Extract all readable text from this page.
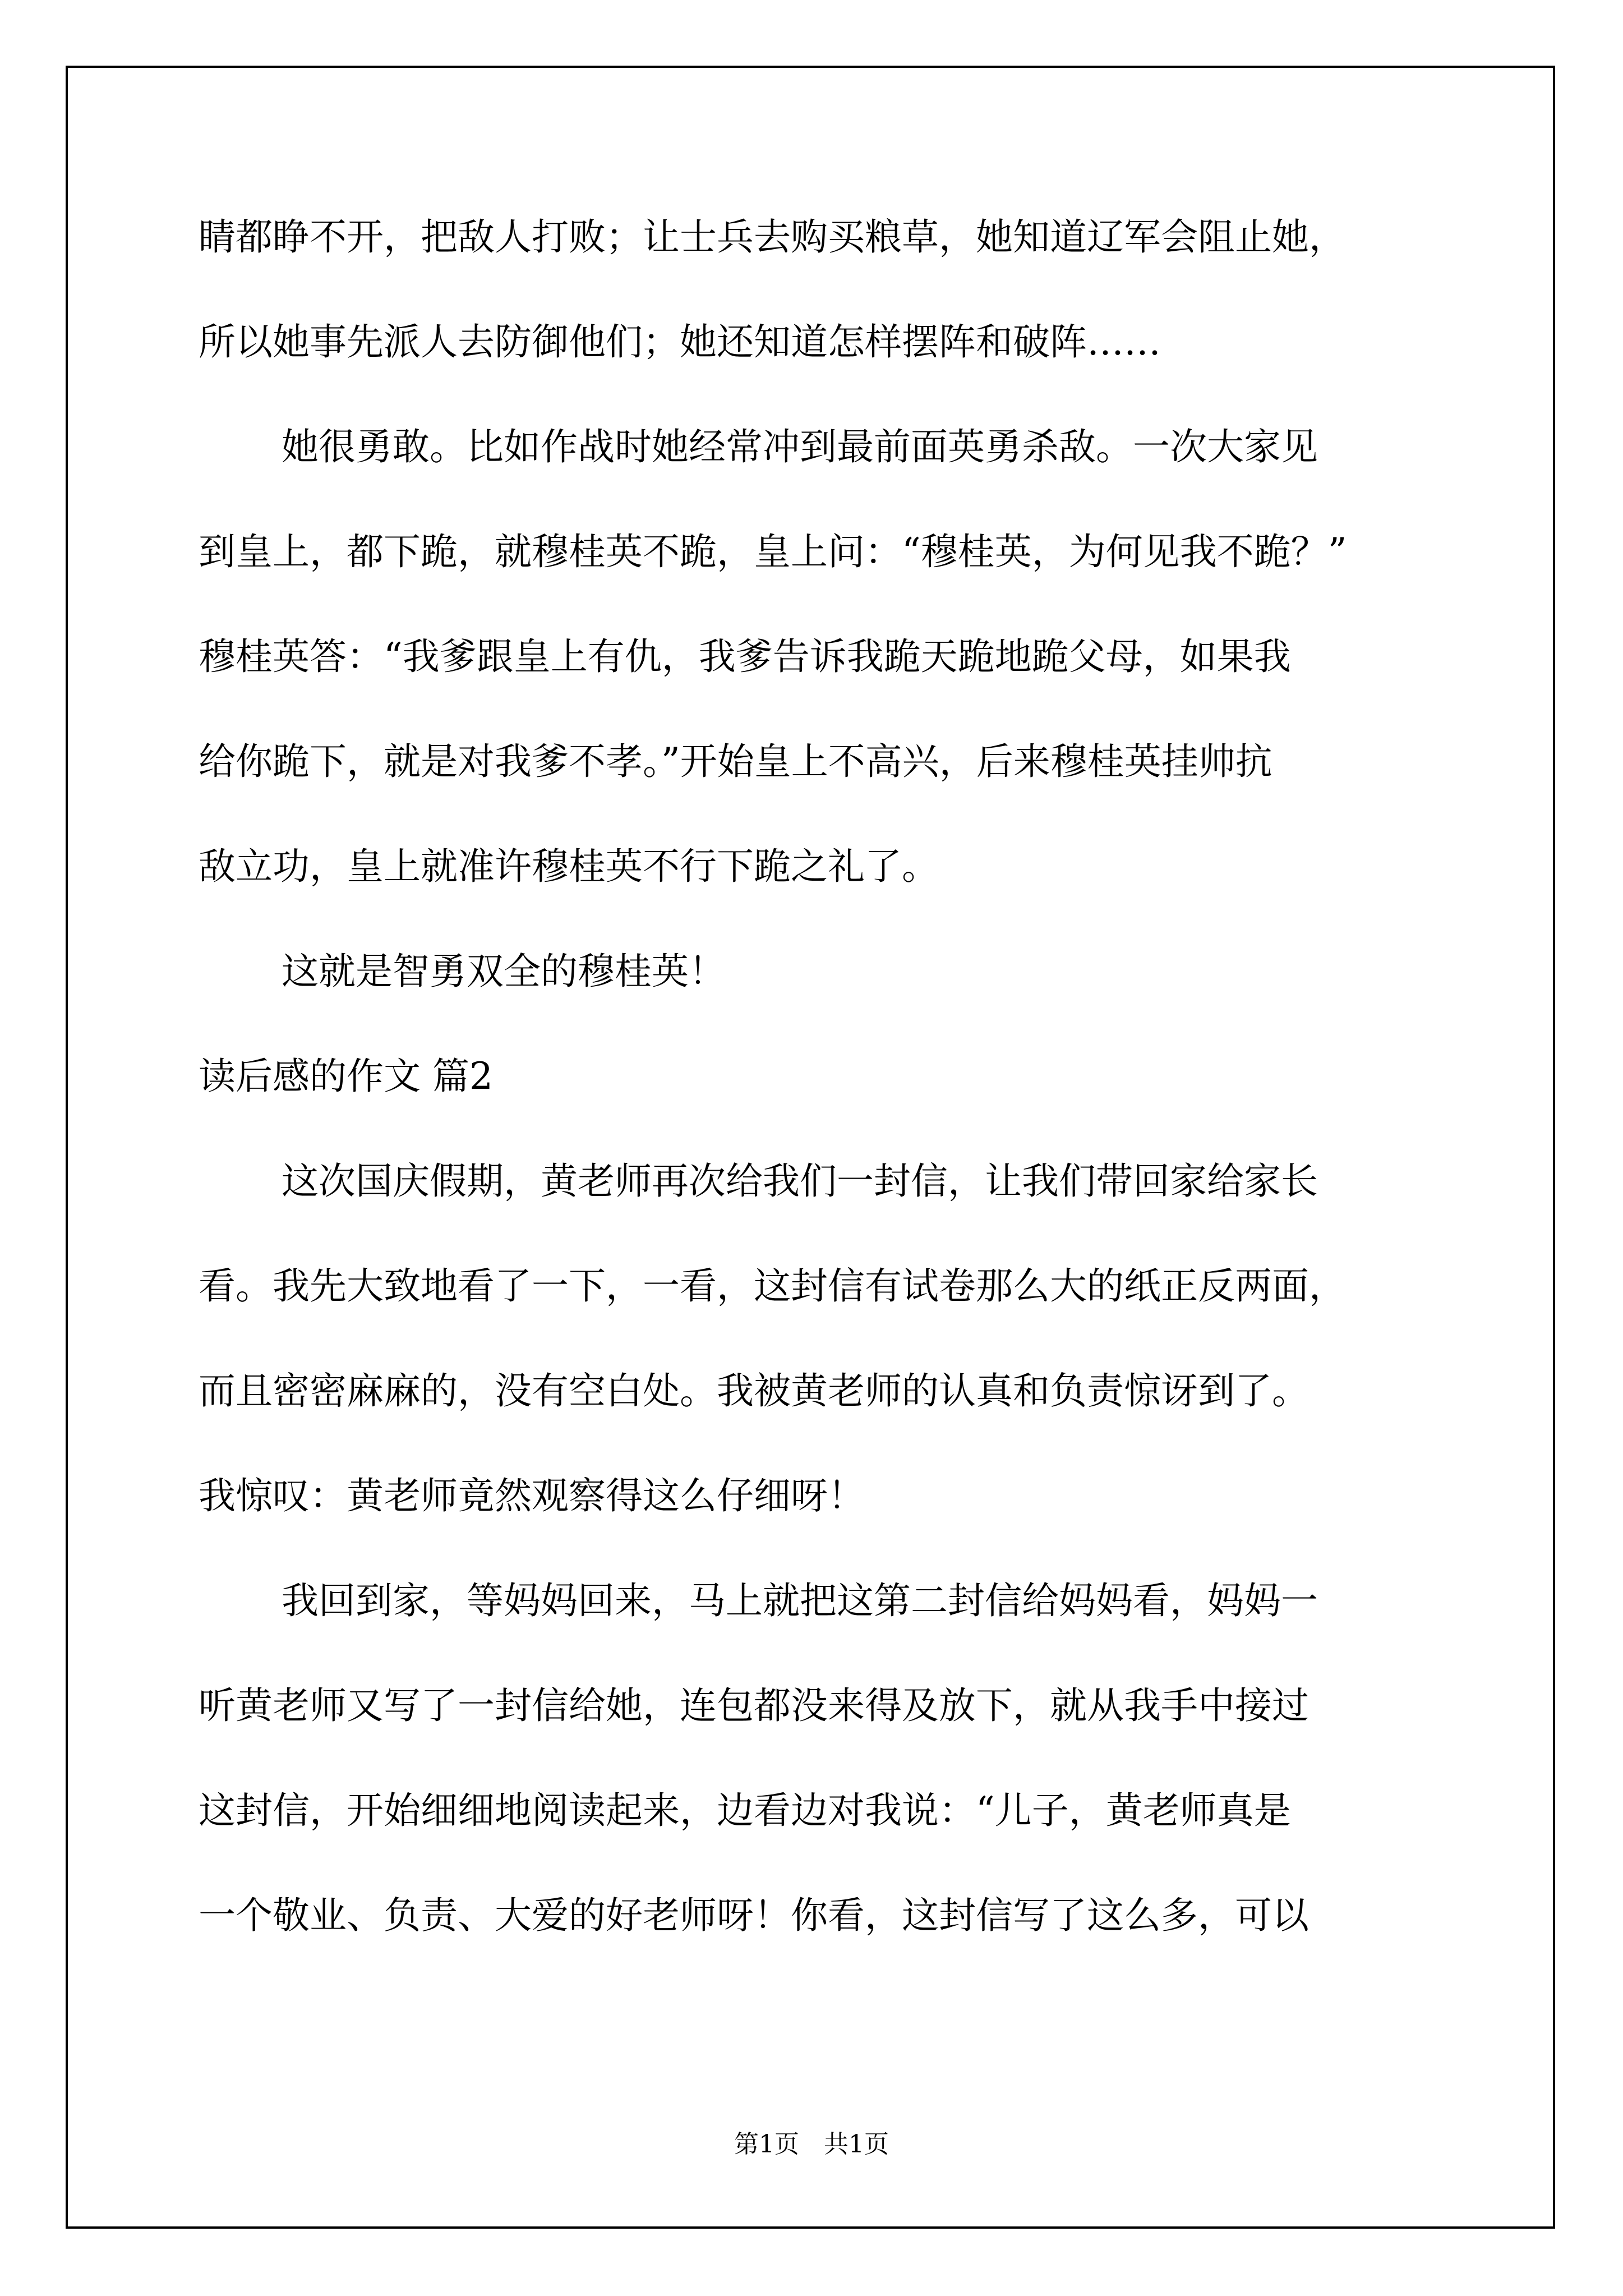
睛都睁不开，把敌人打败；让士兵去购买粮草，她知道辽军会阻止她，
所以她事先派人去防御他们；她还知道怎样摆阵和破阵……
她很勇敢。比如作战时她经常冲到最前面英勇杀敌。一次大家见
到皇上，都下跪，就穆桂英不跪，皇上问：“穆桂英，为何见我不跪？”
穆桂英答：“我爹跟皇上有仇，我爹告诉我跪天跪地跪父母，如果我
给你跪下，就是对我爹不孝。”开始皇上不高兴，后来穆桂英挂帅抗
敌立功，皇上就准许穆桂英不行下跪之礼了。
这就是智勇双全的穆桂英！
读后感的作文 篇2
这次国庆假期，黄老师再次给我们一封信，让我们带回家给家长
看。我先大致地看了一下，一看，这封信有试卷那么大的纸正反两面，
而且密密麻麻的，没有空白处。我被黄老师的认真和负责惊讶到了。
我惊叹：黄老师竟然观察得这么仔细呀！
我回到家，等妈妈回来，马上就把这第二封信给妈妈看，妈妈一
听黄老师又写了一封信给她，连包都没来得及放下，就从我手中接过
这封信，开始细细地阅读起来，边看边对我说：“儿子，黄老师真是
一个敬业、负责、大爱的好老师呀！你看，这封信写了这么多，可以
第1页　共1页
